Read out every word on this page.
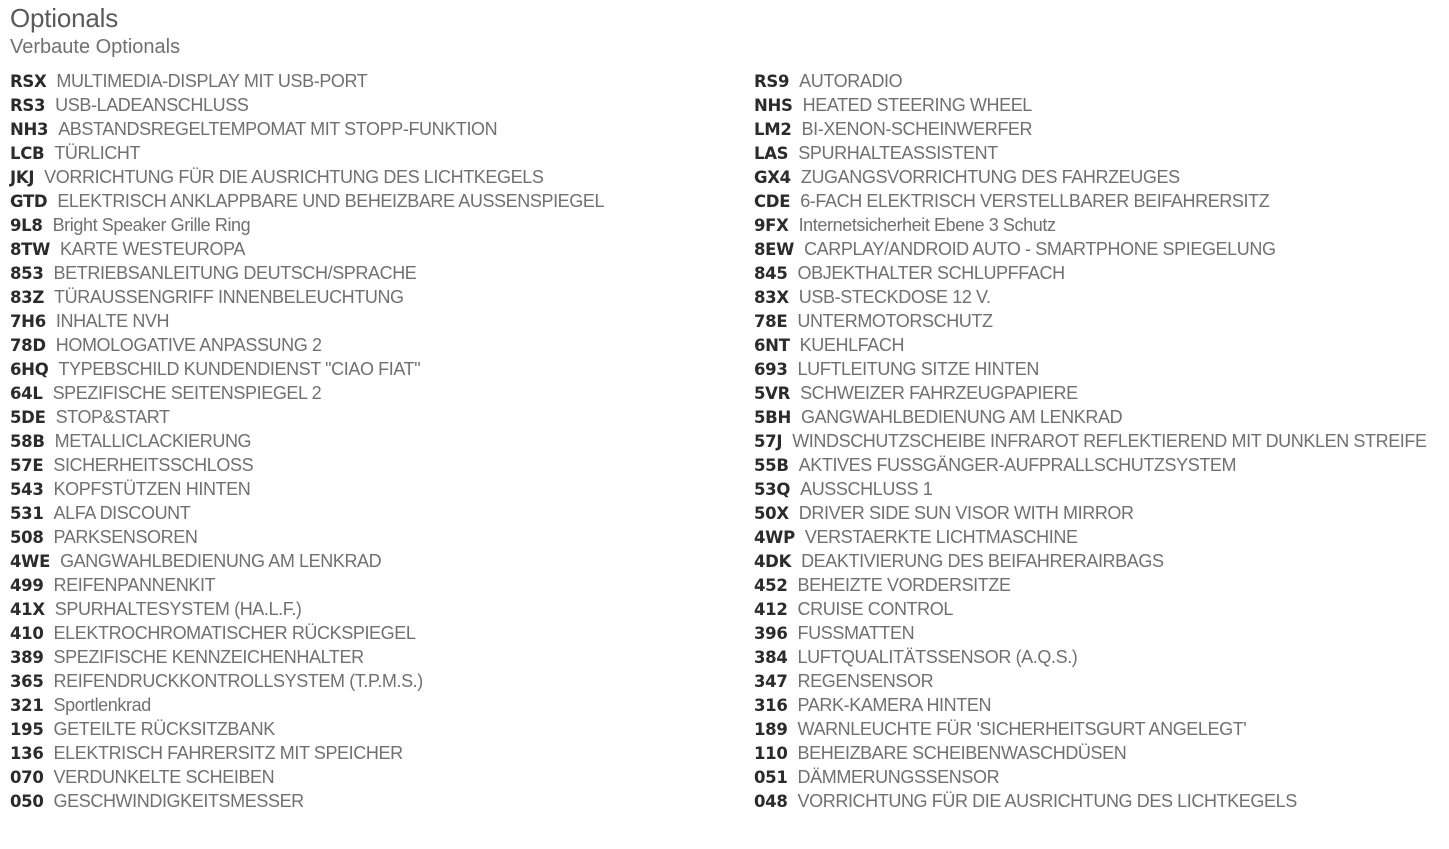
Optionals
Verbaute Optionals
RSX MULTIMEDIA-DISPLAY MIT USB-PORT
RS3 USB-LADEANSCHLUSS
NH3 ABSTANDSREGELTEMPOMAT MIT STOPP-FUNKTION
LCB TÜRLICHT
JKJ VORRICHTUNG FÜR DIE AUSRICHTUNG DES LICHTKEGELS
GTD ELEKTRISCH ANKLAPPBARE UND BEHEIZBARE AUSSENSPIEGEL
9L8 Bright Speaker Grille Ring
8TW KARTE WESTEUROPA
853 BETRIEBSANLEITUNG DEUTSCH/SPRACHE
83Z TÜRAUSSENGRIFF INNENBELEUCHTUNG
7H6 INHALTE NVH
78D HOMOLOGATIVE ANPASSUNG 2
6HQ TYPEBSCHILD KUNDENDIENST "CIAO FIAT"
64L SPEZIFISCHE SEITENSPIEGEL 2
5DE STOP&START
58B METALLICLACKIERUNG
57E SICHERHEITSSCHLOSS
543 KOPFSTÜTZEN HINTEN
531 ALFA DISCOUNT
508 PARKSENSOREN
4WE GANGWAHLBEDIENUNG AM LENKRAD
499 REIFENPANNENKIT
41X SPURHALTESYSTEM (HA.L.F.)
410 ELEKTROCHROMATISCHER RÜCKSPIEGEL
389 SPEZIFISCHE KENNZEICHENHALTER
365 REIFENDRUCKKONTROLLSYSTEM (T.P.M.S.)
321 Sportlenkrad
195 GETEILTE RÜCKSITZBANK
136 ELEKTRISCH FAHRERSITZ MIT SPEICHER
070 VERDUNKELTE SCHEIBEN
050 GESCHWINDIGKEITSMESSER
RS9 AUTORADIO
NHS HEATED STEERING WHEEL
LM2 BI-XENON-SCHEINWERFER
LAS SPURHALTEASSISTENT
GX4 ZUGANGSVORRICHTUNG DES FAHRZEUGES
CDE 6-FACH ELEKTRISCH VERSTELLBARER BEIFAHRERSITZ
9FX Internetsicherheit Ebene 3 Schutz
8EW CARPLAY/ANDROID AUTO - SMARTPHONE SPIEGELUNG
845 OBJEKTHALTER SCHLUPFFACH
83X USB-STECKDOSE 12 V.
78E UNTERMOTORSCHUTZ
6NT KUEHLFACH
693 LUFTLEITUNG SITZE HINTEN
5VR SCHWEIZER FAHRZEUGPAPIERE
5BH GANGWAHLBEDIENUNG AM LENKRAD
57J WINDSCHUTZSCHEIBE INFRAROT REFLEKTIEREND MIT DUNKLEN STREIFE
55B AKTIVES FUSSGÄNGER-AUFPRALLSCHUTZSYSTEM
53Q AUSSCHLUSS 1
50X DRIVER SIDE SUN VISOR WITH MIRROR
4WP VERSTAERKTE LICHTMASCHINE
4DK DEAKTIVIERUNG DES BEIFAHRERAIRBAGS
452 BEHEIZTE VORDERSITZE
412 CRUISE CONTROL
396 FUSSMATTEN
384 LUFTQUALITÄTSSENSOR (A.Q.S.)
347 REGENSENSOR
316 PARK-KAMERA HINTEN
189 WARNLEUCHTE FÜR 'SICHERHEITSGURT ANGELEGT'
110 BEHEIZBARE SCHEIBENWASCHDÜSEN
051 DÄMMERUNGSSENSOR
048 VORRICHTUNG FÜR DIE AUSRICHTUNG DES LICHTKEGELS
